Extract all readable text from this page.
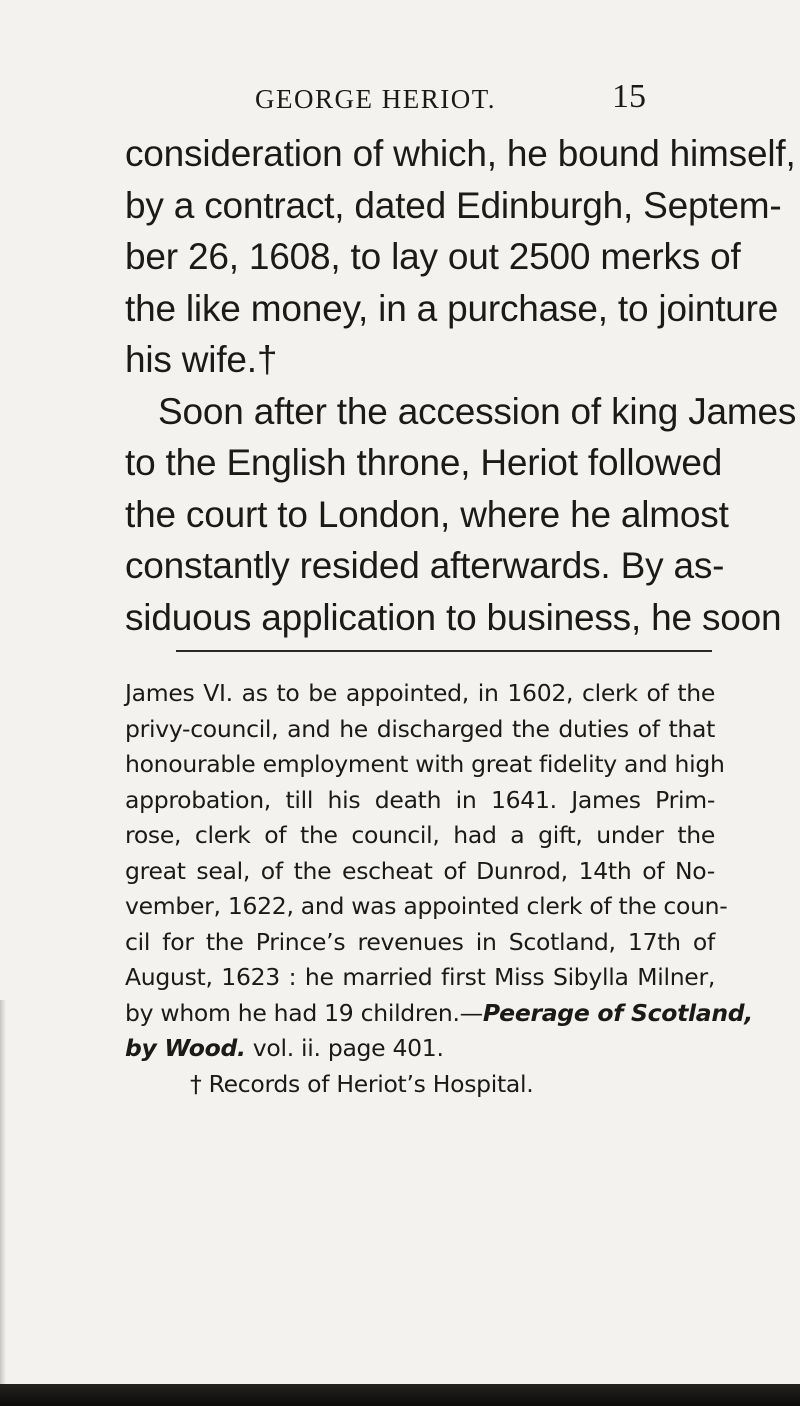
GEORGE HERIOT.	15
consideration of which, he bound himself,
by a contract, dated Edinburgh, Septem-
ber 26, 1608, to lay out 2500 merks of
the like money, in a purchase, to jointure
his wife.†
Soon after the accession of king James
to the English throne, Heriot followed
the court to London, where he almost
constantly resided afterwards. By as-
siduous application to business, he soon
James VI. as to be appointed, in 1602, clerk of the
privy-council, and he discharged the duties of that
honourable employment with great fidelity and high
approbation, till his death in 1641. James Prim-
rose, clerk of the council, had a gift, under the
great seal, of the escheat of Dunrod, 14th of No-
vember, 1622, and was appointed clerk of the coun-
cil for the Prince’s revenues in Scotland, 17th of
August, 1623 : he married first Miss Sibylla Milner,
by whom he had 19 children.—Peerage of Scotland,
by Wood. vol. ii. page 401.
† Records of Heriot’s Hospital.
